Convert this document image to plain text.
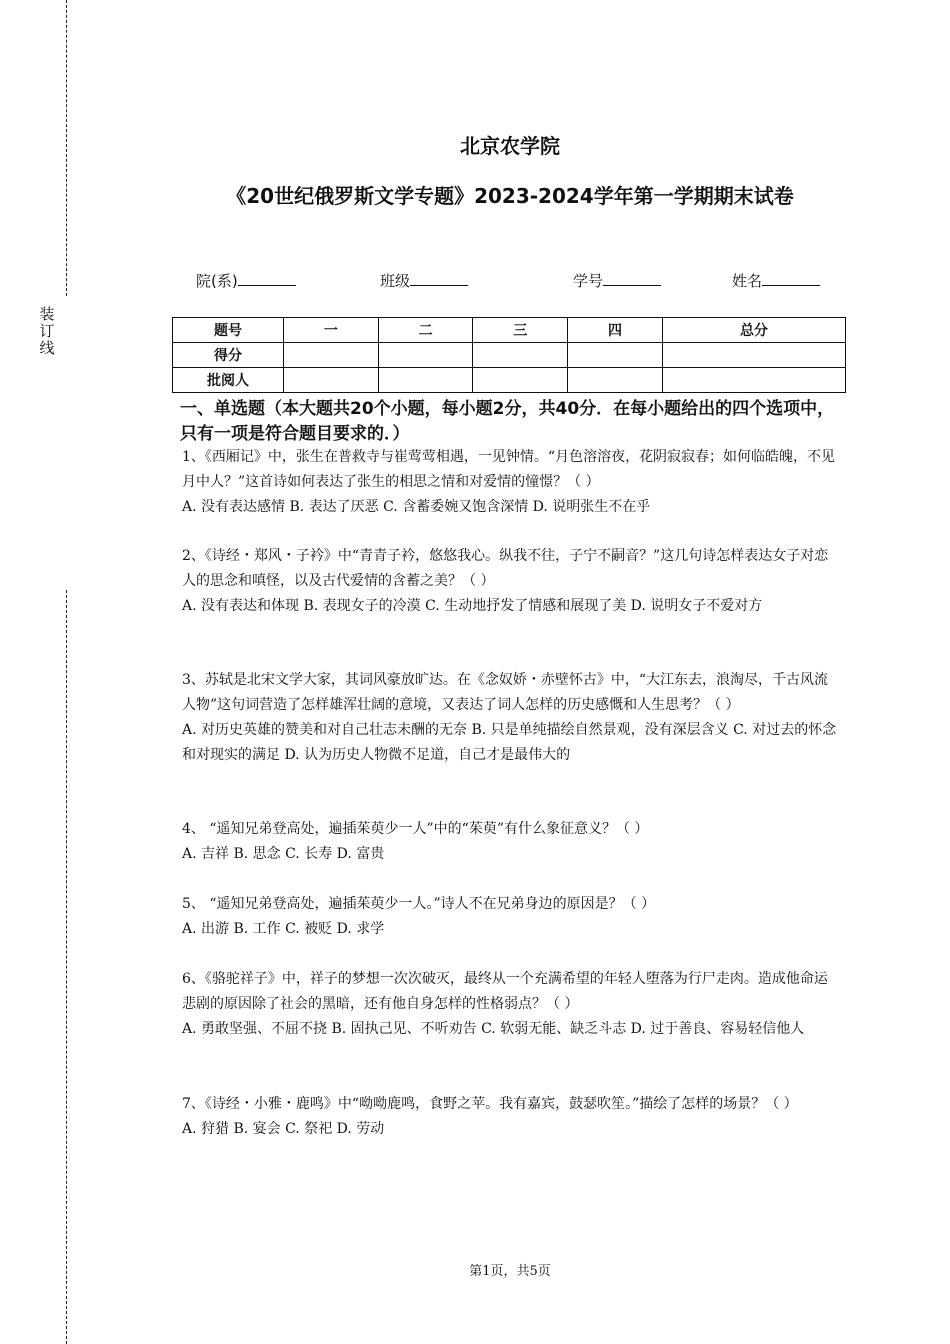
装
订
线
北京农学院
《20世纪俄罗斯文学专题》2023-2024学年第一学期期末试卷
院(系)	班级	学号	姓名
题号	一	二	三	四	总分
得分					
批阅人					
一、单选题（本大题共20个小题，每小题2分，共40分．在每小题给出的四个选项中，只有一项是符合题目要求的．）

1、《西厢记》中，张生在普救寺与崔莺莺相遇，一见钟情。“月色溶溶夜，花阴寂寂春；如何临皓魄，不见月中人？”这首诗如何表达了张生的相思之情和对爱情的憧憬？（ ）

A. 没有表达感情 B. 表达了厌恶 C. 含蓄委婉又饱含深情 D. 说明张生不在乎

2、《诗经・郑风・子衿》中“青青子衿，悠悠我心。纵我不往，子宁不嗣音？”这几句诗怎样表达女子对恋人的思念和嗔怪，以及古代爱情的含蓄之美？（ ）

A. 没有表达和体现 B. 表现女子的冷漠 C. 生动地抒发了情感和展现了美 D. 说明女子不爱对方

3、苏轼是北宋文学大家，其词风豪放旷达。在《念奴娇・赤壁怀古》中，“大江东去，浪淘尽，千古风流人物”这句词营造了怎样雄浑壮阔的意境，又表达了词人怎样的历史感慨和人生思考？（ ）

A. 对历史英雄的赞美和对自己壮志未酬的无奈 B. 只是单纯描绘自然景观，没有深层含义 C. 对过去的怀念和对现实的满足 D. 认为历史人物微不足道，自己才是最伟大的

4、 “遥知兄弟登高处，遍插茱萸少一人”中的“茱萸”有什么象征意义？（ ）

A. 吉祥 B. 思念 C. 长寿 D. 富贵

5、 “遥知兄弟登高处，遍插茱萸少一人。”诗人不在兄弟身边的原因是？（ ）

A. 出游 B. 工作 C. 被贬 D. 求学

6、《骆驼祥子》中，祥子的梦想一次次破灭，最终从一个充满希望的年轻人堕落为行尸走肉。造成他命运悲剧的原因除了社会的黑暗，还有他自身怎样的性格弱点？（ ）

A. 勇敢坚强、不屈不挠 B. 固执己见、不听劝告 C. 软弱无能、缺乏斗志 D. 过于善良、容易轻信他人

7、《诗经・小雅・鹿鸣》中“呦呦鹿鸣，食野之苹。我有嘉宾，鼓瑟吹笙。”描绘了怎样的场景？（ ）

A. 狩猎 B. 宴会 C. 祭祀 D. 劳动

第1页，共5页
